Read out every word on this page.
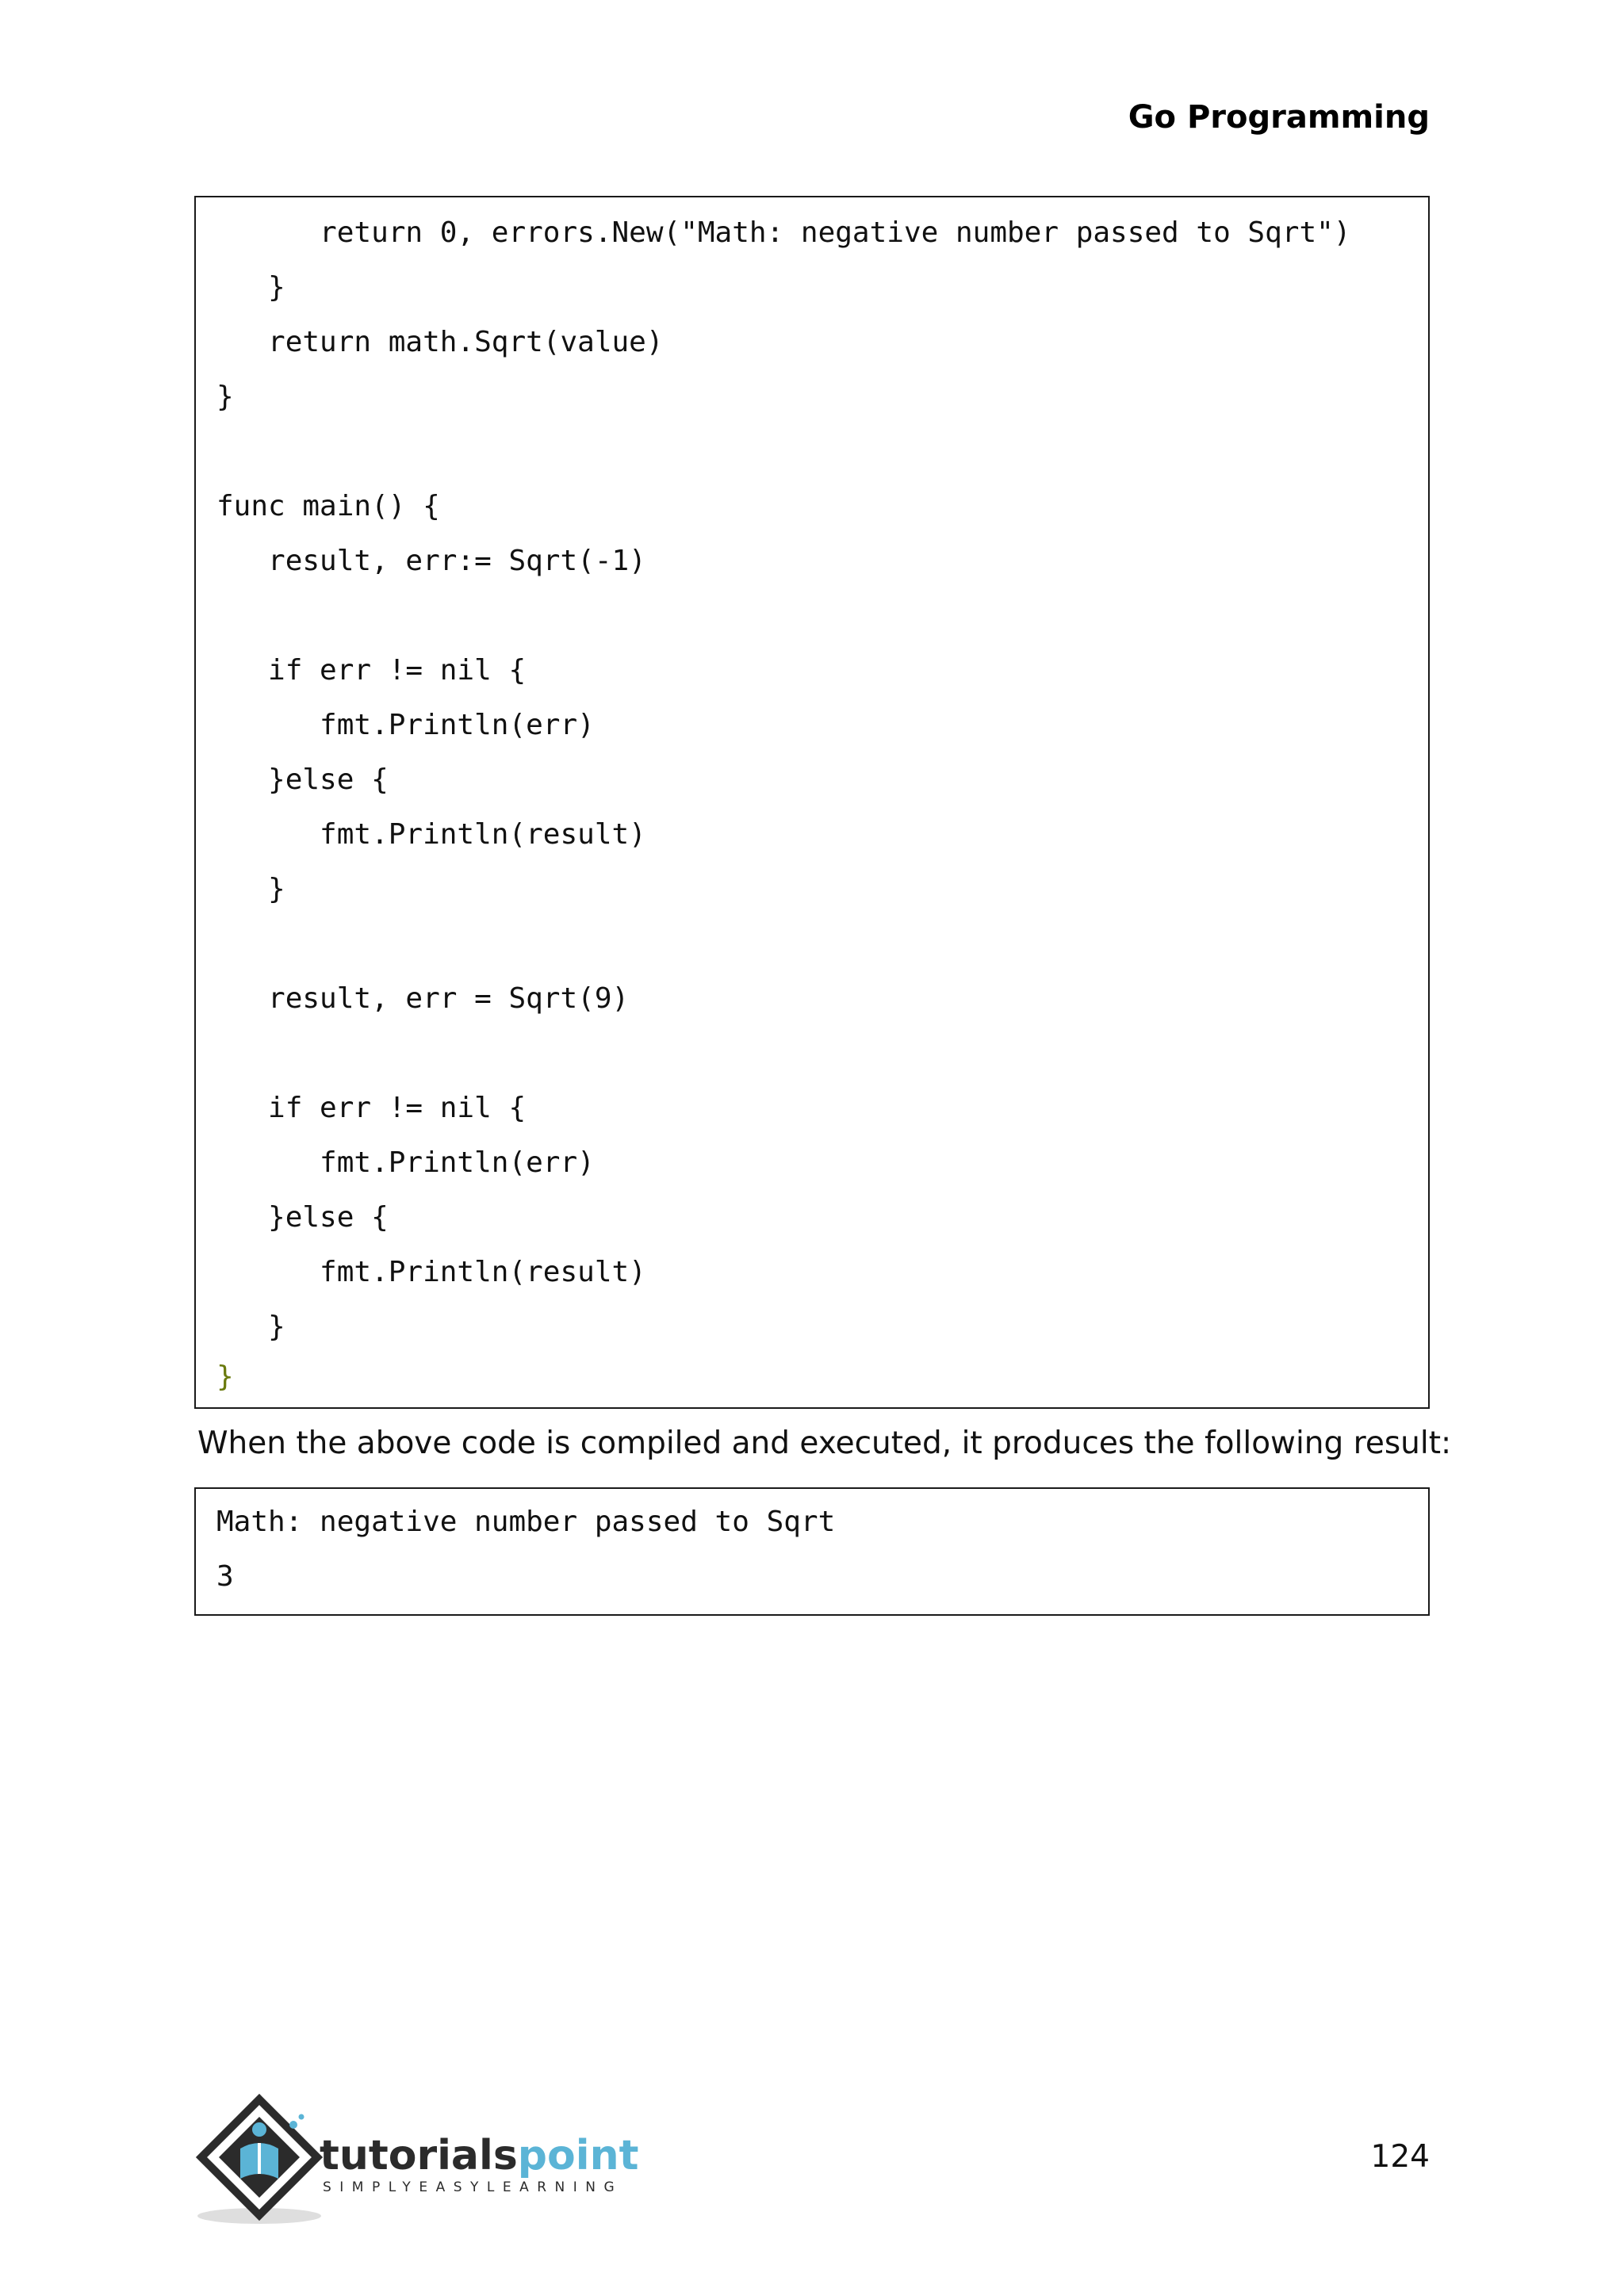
Go Programming
return 0, errors.New("Math: negative number passed to Sqrt")
}
return math.Sqrt(value)
}
func main() {
result, err:= Sqrt(-1)
if err != nil {
fmt.Println(err)
}else {
fmt.Println(result)
}
result, err = Sqrt(9)
if err != nil {
fmt.Println(err)
}else {
fmt.Println(result)
}
}

When the above code is compiled and executed, it produces the following result:

Math: negative number passed to Sqrt
3
tutorialspoint
SIMPLYEASYLEARNING
124
